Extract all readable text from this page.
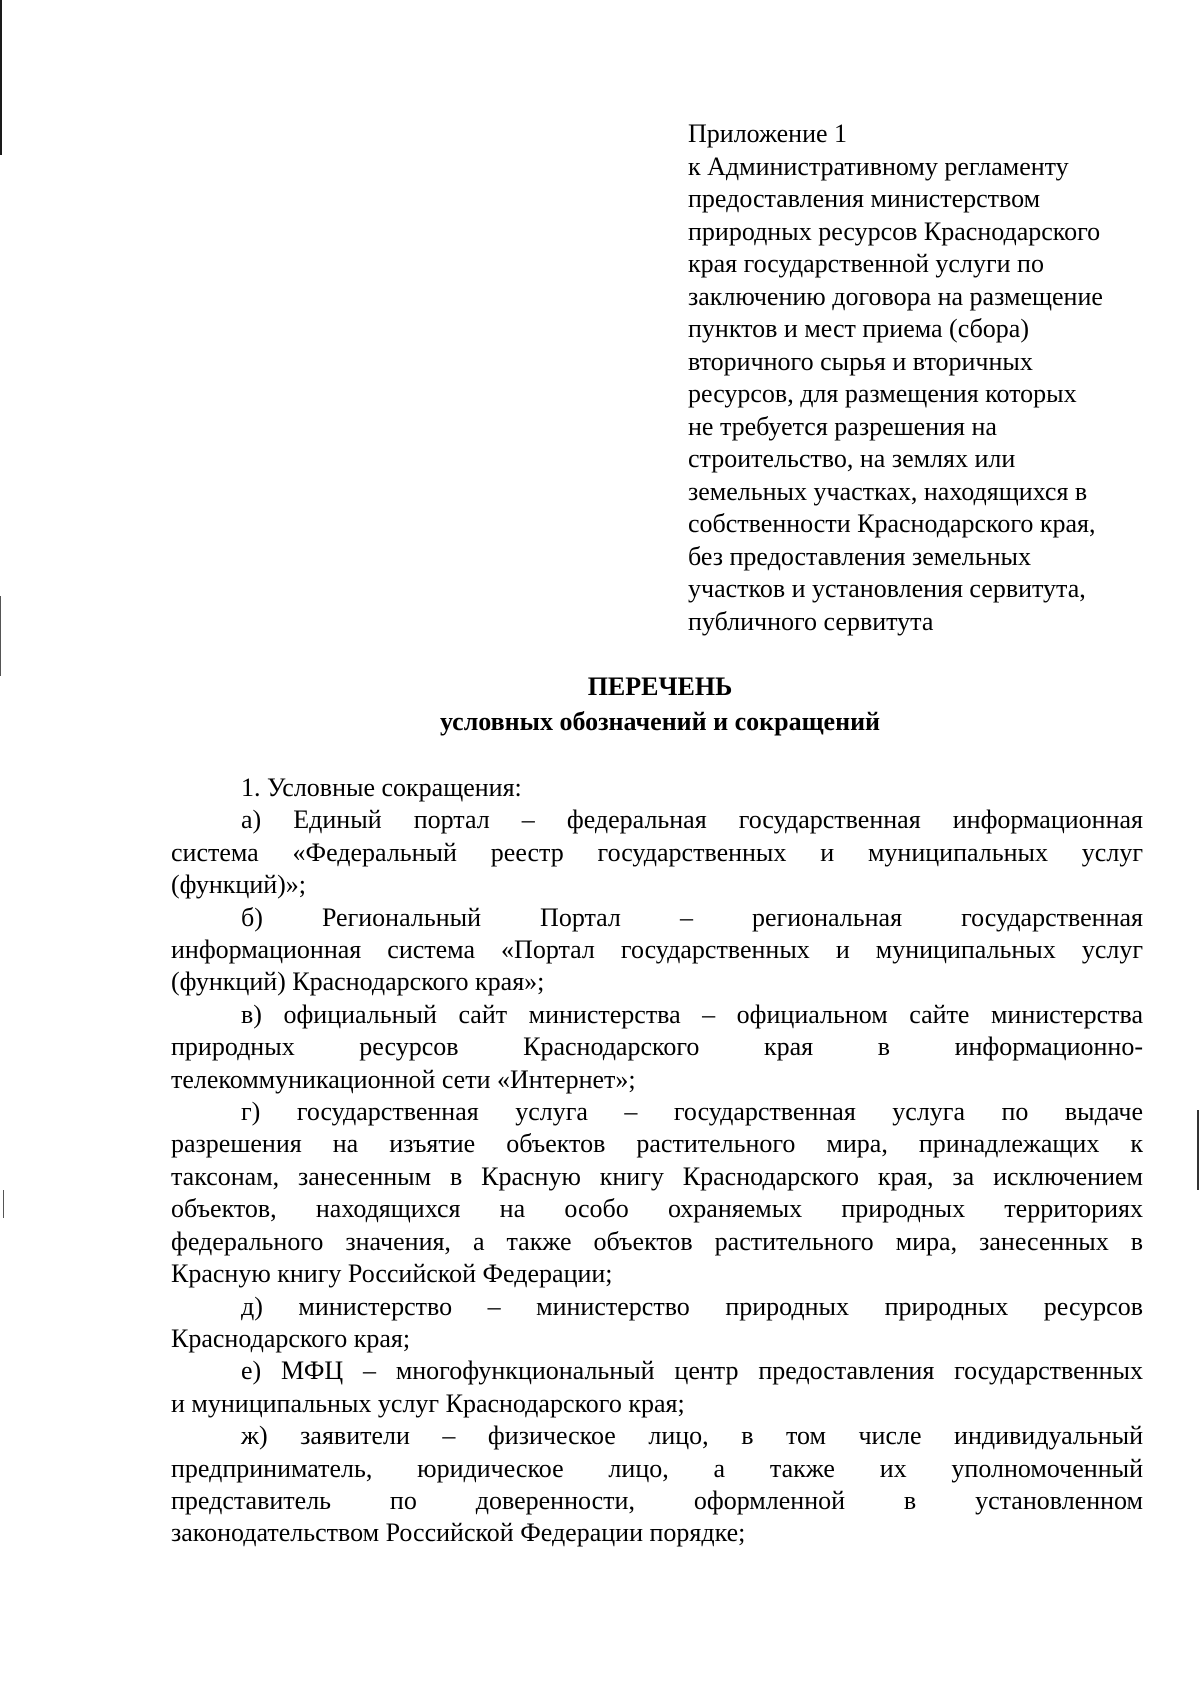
Приложение 1
к Административному регламенту
предоставления министерством
природных ресурсов Краснодарского
края государственной услуги по
заключению договора на размещение
пунктов и мест приема (сбора)
вторичного сырья и вторичных
ресурсов, для размещения которых
не требуется разрешения на
строительство, на землях или
земельных участках, находящихся в
собственности Краснодарского края,
без предоставления земельных
участков и установления сервитута,
публичного сервитута
ПЕРЕЧЕНЬ
условных обозначений и сокращений
1. Условные сокращения:
а) Единый портал – федеральная государственная информационная
система «Федеральный реестр государственных и муниципальных услуг
(функций)»;
б) Региональный Портал – региональная государственная
информационная система «Портал государственных и муниципальных услуг
(функций) Краснодарского края»;
в) официальный сайт министерства – официальном сайте министерства
природных ресурсов Краснодарского края в информационно-
телекоммуникационной сети «Интернет»;
г) государственная услуга – государственная услуга по выдаче
разрешения на изъятие объектов растительного мира, принадлежащих к
таксонам, занесенным в Красную книгу Краснодарского края, за исключением
объектов, находящихся на особо охраняемых природных территориях
федерального значения, а также объектов растительного мира, занесенных в
Красную книгу Российской Федерации;
д) министерство – министерство природных природных ресурсов
Краснодарского края;
е) МФЦ – многофункциональный центр предоставления государственных
и муниципальных услуг Краснодарского края;
ж) заявители – физическое лицо, в том числе индивидуальный
предприниматель, юридическое лицо, а также их уполномоченный
представитель по доверенности, оформленной в установленном
законодательством Российской Федерации порядке;
